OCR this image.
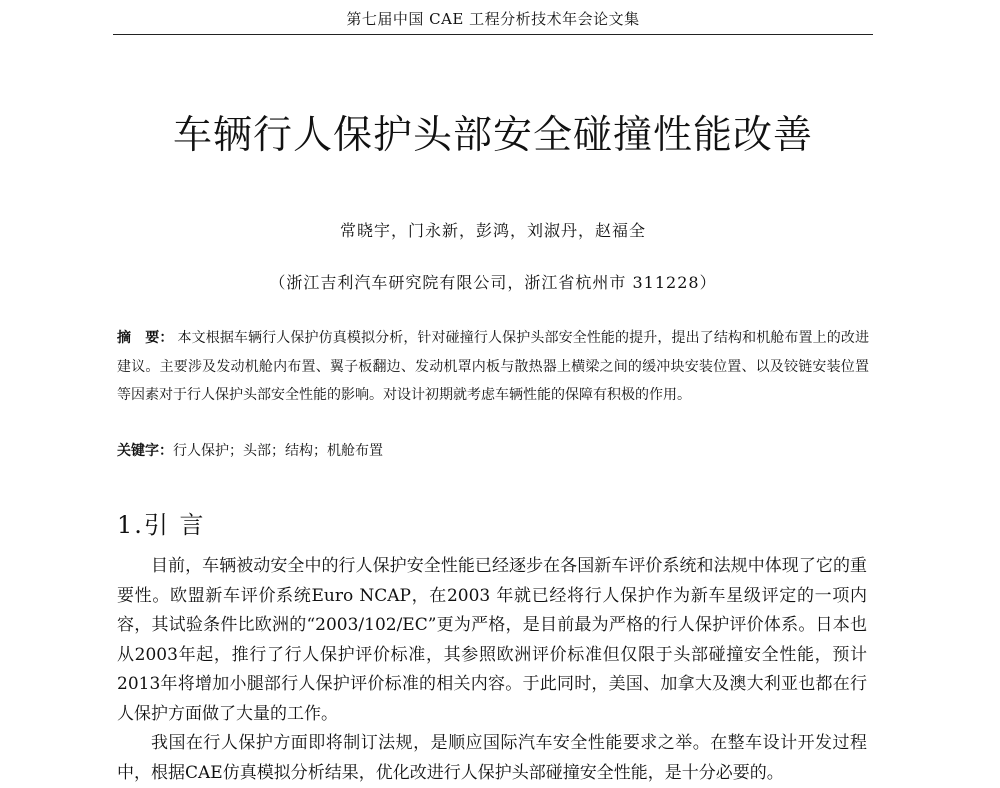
第七届中国 CAE 工程分析技术年会论文集
车辆行人保护头部安全碰撞性能改善
常晓宇，门永新，彭鸿，刘淑丹，赵福全
（浙江吉利汽车研究院有限公司，浙江省杭州市 311228）

摘　要： 本文根据车辆行人保护仿真模拟分析，针对碰撞行人保护头部安全性能的提升，提出了结构和机舱布置上的改进建议。主要涉及发动机舱内布置、翼子板翻边、发动机罩内板与散热器上横梁之间的缓冲块安装位置、以及铰链安装位置等因素对于行人保护头部安全性能的影响。对设计初期就考虑车辆性能的保障有积极的作用。

关键字：行人保护；头部；结构；机舱布置
1.引 言

目前，车辆被动安全中的行人保护安全性能已经逐步在各国新车评价系统和法规中体现了它的重要性。欧盟新车评价系统Euro NCAP，在2003 年就已经将行人保护作为新车星级评定的一项内容，其试验条件比欧洲的“2003/102/EC”更为严格，是目前最为严格的行人保护评价体系。日本也从2003年起，推行了行人保护评价标准，其参照欧洲评价标准但仅限于头部碰撞安全性能，预计2013年将增加小腿部行人保护评价标准的相关内容。于此同时，美国、加拿大及澳大利亚也都在行人保护方面做了大量的工作。

我国在行人保护方面即将制订法规，是顺应国际汽车安全性能要求之举。在整车设计开发过程中，根据CAE仿真模拟分析结果，优化改进行人保护头部碰撞安全性能，是十分必要的。
